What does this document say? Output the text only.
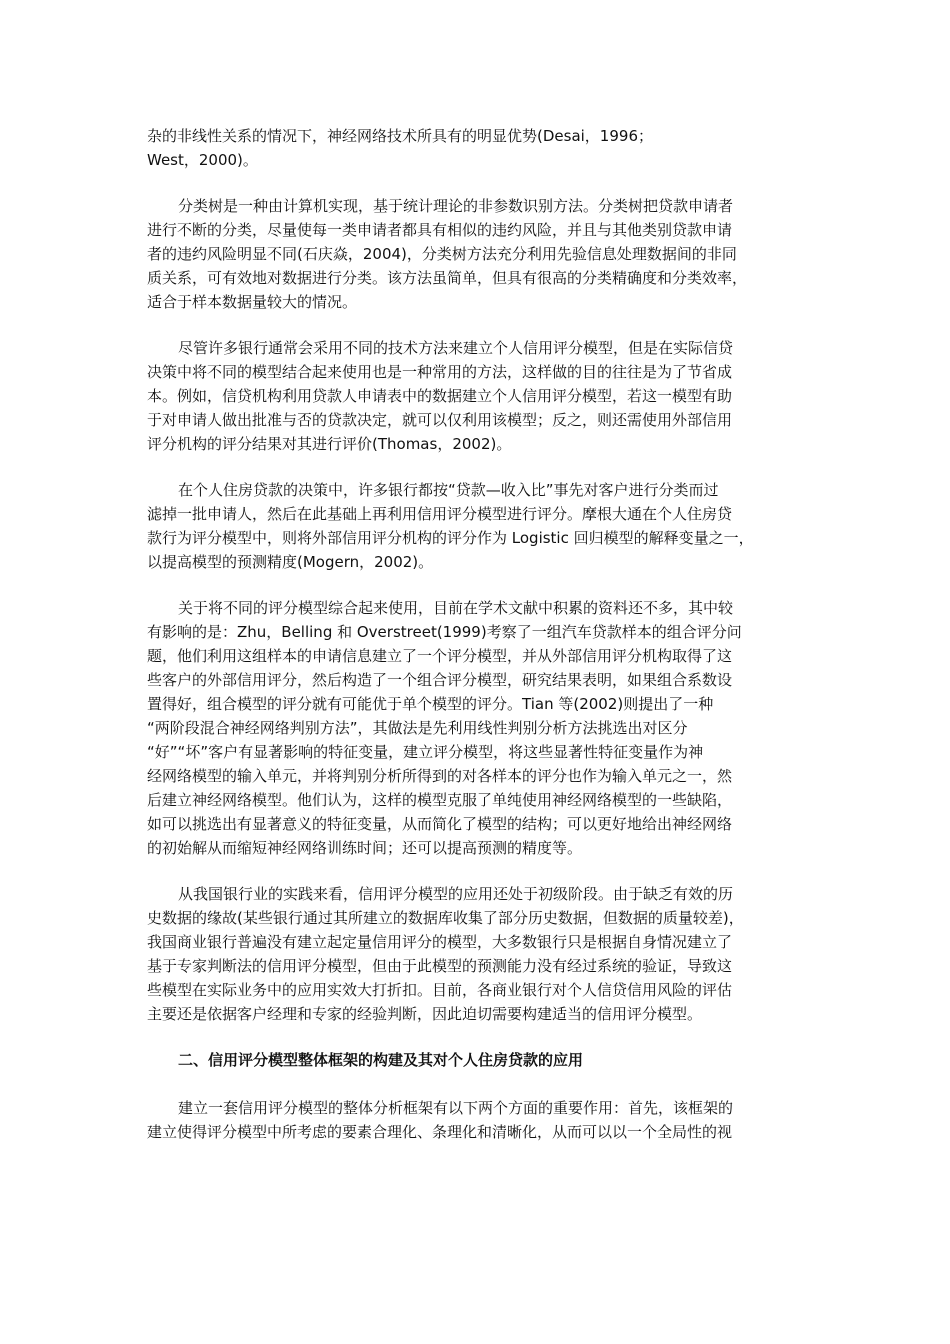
杂的非线性关系的情况下，神经网络技术所具有的明显优势(Desai，1996；
West，2000)。
分类树是一种由计算机实现，基于统计理论的非参数识别方法。分类树把贷款申请者
进行不断的分类，尽量使每一类申请者都具有相似的违约风险，并且与其他类别贷款申请
者的违约风险明显不同(石庆焱，2004)，分类树方法充分利用先验信息处理数据间的非同
质关系，可有效地对数据进行分类。该方法虽简单，但具有很高的分类精确度和分类效率，
适合于样本数据量较大的情况。
尽管许多银行通常会采用不同的技术方法来建立个人信用评分模型，但是在实际信贷
决策中将不同的模型结合起来使用也是一种常用的方法，这样做的目的往往是为了节省成
本。例如，信贷机构利用贷款人申请表中的数据建立个人信用评分模型，若这一模型有助
于对申请人做出批准与否的贷款决定，就可以仅利用该模型；反之，则还需使用外部信用
评分机构的评分结果对其进行评价(Thomas，2002)。
在个人住房贷款的决策中，许多银行都按“贷款—收入比”事先对客户进行分类而过
滤掉一批申请人，然后在此基础上再利用信用评分模型进行评分。摩根大通在个人住房贷
款行为评分模型中，则将外部信用评分机构的评分作为 Logistic 回归模型的解释变量之一，
以提高模型的预测精度(Mogern，2002)。
关于将不同的评分模型综合起来使用，目前在学术文献中积累的资料还不多，其中较
有影响的是：Zhu，Belling 和 Overstreet(1999)考察了一组汽车贷款样本的组合评分问
题，他们利用这组样本的申请信息建立了一个评分模型，并从外部信用评分机构取得了这
些客户的外部信用评分，然后构造了一个组合评分模型，研究结果表明，如果组合系数设
置得好，组合模型的评分就有可能优于单个模型的评分。Tian 等(2002)则提出了一种
“两阶段混合神经网络判别方法”，其做法是先利用线性判别分析方法挑选出对区分
“好”“坏”客户有显著影响的特征变量，建立评分模型，将这些显著性特征变量作为神
经网络模型的输入单元，并将判别分析所得到的对各样本的评分也作为输入单元之一，然
后建立神经网络模型。他们认为，这样的模型克服了单纯使用神经网络模型的一些缺陷，
如可以挑选出有显著意义的特征变量，从而简化了模型的结构；可以更好地给出神经网络
的初始解从而缩短神经网络训练时间；还可以提高预测的精度等。
从我国银行业的实践来看，信用评分模型的应用还处于初级阶段。由于缺乏有效的历
史数据的缘故(某些银行通过其所建立的数据库收集了部分历史数据，但数据的质量较差)，
我国商业银行普遍没有建立起定量信用评分的模型，大多数银行只是根据自身情况建立了
基于专家判断法的信用评分模型，但由于此模型的预测能力没有经过系统的验证，导致这
些模型在实际业务中的应用实效大打折扣。目前，各商业银行对个人信贷信用风险的评估
主要还是依据客户经理和专家的经验判断，因此迫切需要构建适当的信用评分模型。
二、信用评分模型整体框架的构建及其对个人住房贷款的应用
建立一套信用评分模型的整体分析框架有以下两个方面的重要作用：首先，该框架的
建立使得评分模型中所考虑的要素合理化、条理化和清晰化，从而可以以一个全局性的视
